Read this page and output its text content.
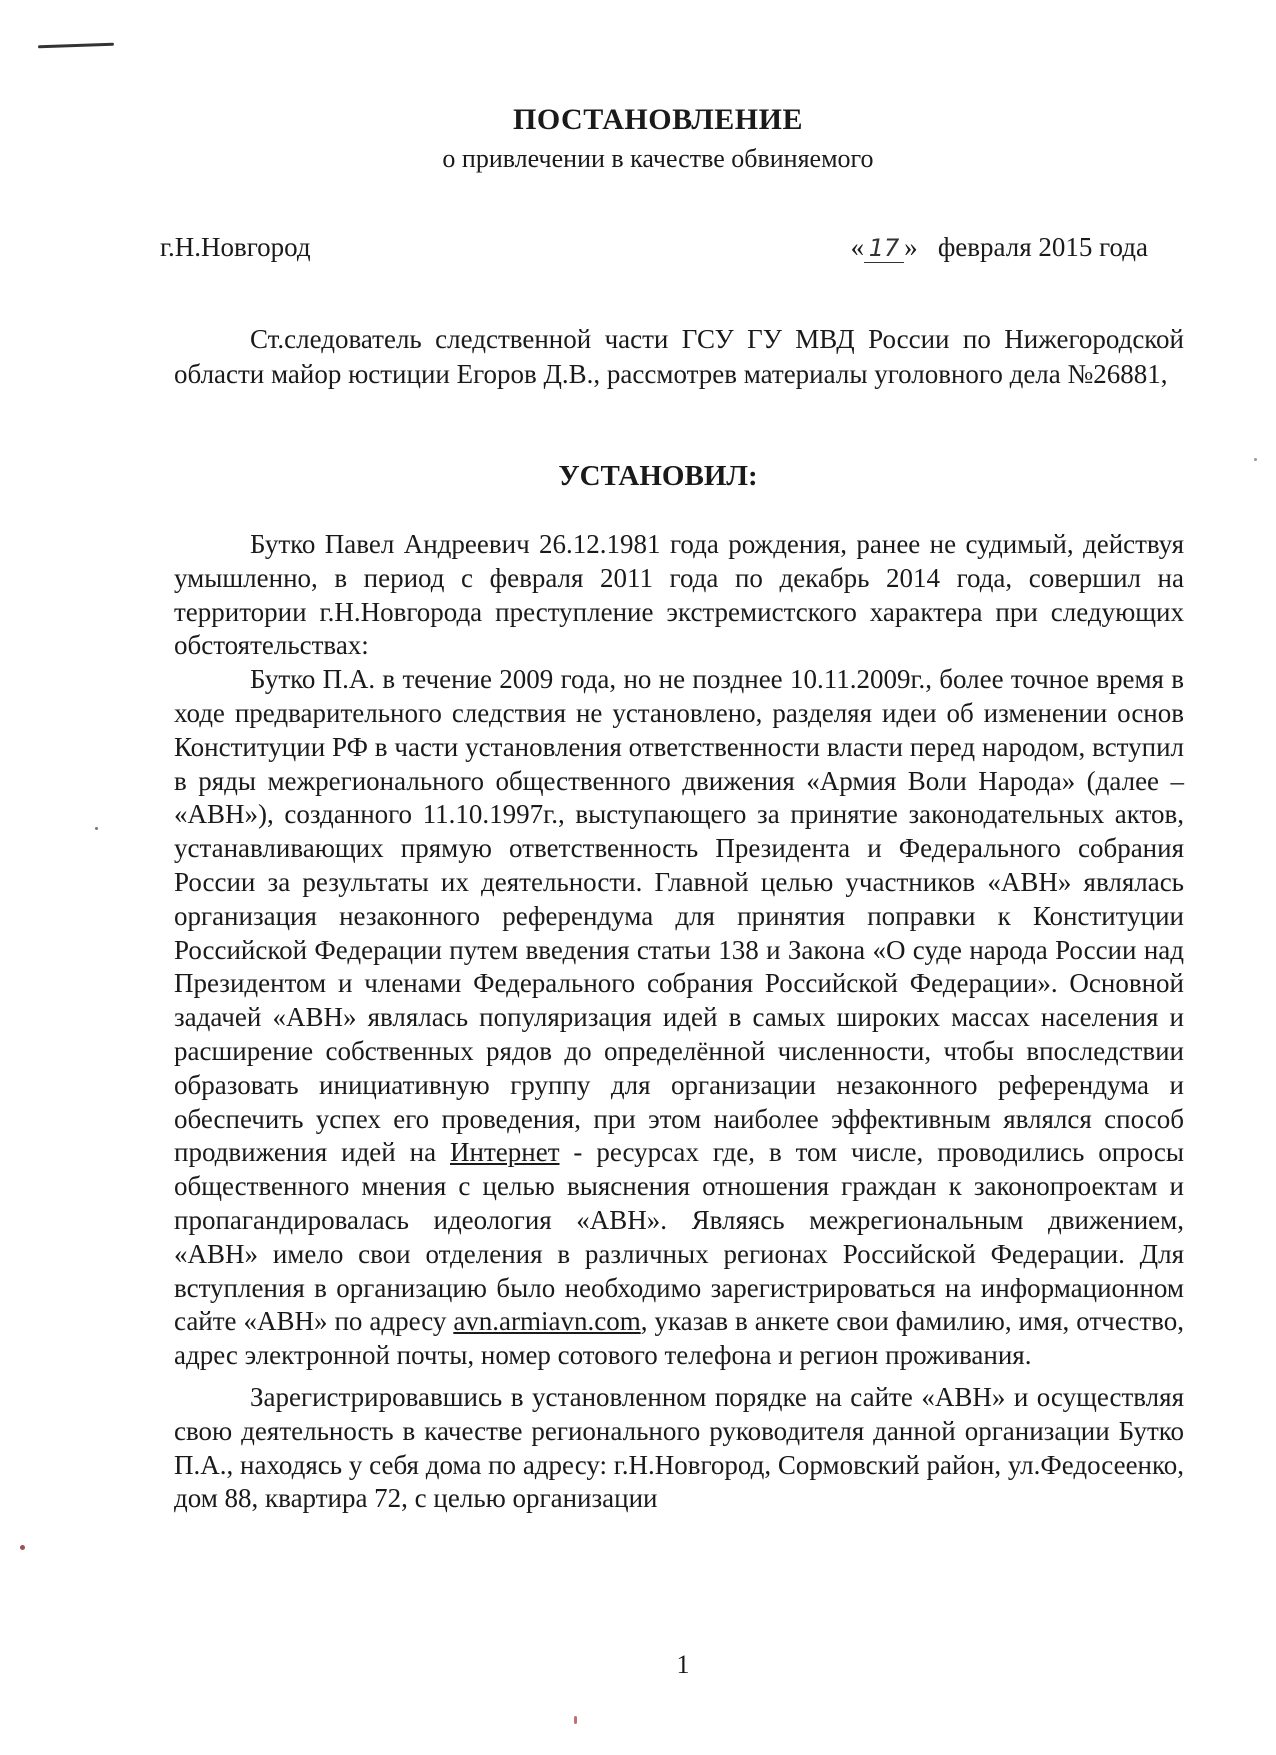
ПОСТАНОВЛЕНИЕ
о привлечении в качестве обвиняемого
г.Н.Новгород	« 17 » февраля 2015 года

Ст.следователь следственной части ГСУ ГУ МВД России по Нижегородской области майор юстиции Егоров Д.В., рассмотрев материалы уголовного дела №26881,

УСТАНОВИЛ:

Бутко Павел Андреевич 26.12.1981 года рождения, ранее не судимый, действуя умышленно, в период с февраля 2011 года по декабрь 2014 года, совершил на территории г.Н.Новгорода преступление экстремистского характера при следующих обстоятельствах:

Бутко П.А. в течение 2009 года, но не позднее 10.11.2009г., более точное время в ходе предварительного следствия не установлено, разделяя идеи об изменении основ Конституции РФ в части установления ответственности власти перед народом, вступил в ряды межрегионального общественного движения «Армия Воли Народа» (далее – «АВН»), созданного 11.10.1997г., выступающего за принятие законодательных актов, устанавливающих прямую ответственность Президента и Федерального собрания России за результаты их деятельности. Главной целью участников «АВН» являлась организация незаконного референдума для принятия поправки к Конституции Российской Федерации путем введения статьи 138 и Закона «О суде народа России над Президентом и членами Федерального собрания Российской Федерации». Основной задачей «АВН» являлась популяризация идей в самых широких массах населения и расширение собственных рядов до определённой численности, чтобы впоследствии образовать инициативную группу для организации незаконного референдума и обеспечить успех его проведения, при этом наиболее эффективным являлся способ продвижения идей на Интернет - ресурсах где, в том числе, проводились опросы общественного мнения с целью выяснения отношения граждан к законопроектам и пропагандировалась идеология «АВН». Являясь межрегиональным движением, «АВН» имело свои отделения в различных регионах Российской Федерации. Для вступления в организацию было необходимо зарегистрироваться на информационном сайте «АВН» по адресу avn.armiavn.com, указав в анкете свои фамилию, имя, отчество, адрес электронной почты, номер сотового телефона и регион проживания.

Зарегистрировавшись в установленном порядке на сайте «АВН» и осуществляя свою деятельность в качестве регионального руководителя данной организации Бутко П.А., находясь у себя дома по адресу: г.Н.Новгород, Сормовский район, ул.Федосеенко, дом 88, квартира 72, с целью организации

1
